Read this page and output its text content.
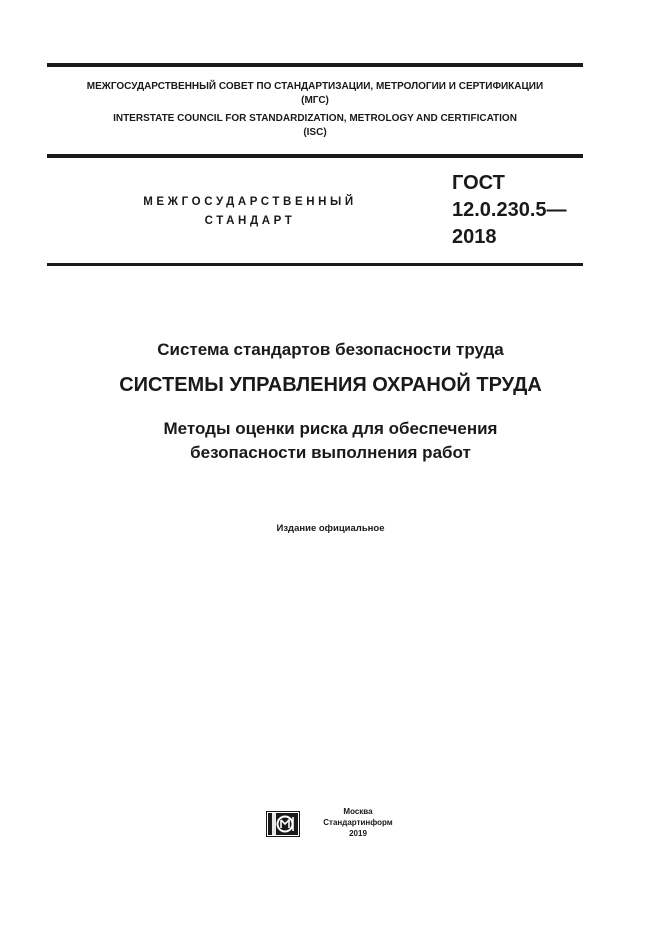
МЕЖГОСУДАРСТВЕННЫЙ СОВЕТ ПО СТАНДАРТИЗАЦИИ, МЕТРОЛОГИИ И СЕРТИФИКАЦИИ
(МГС)
INTERSTATE COUNCIL FOR STANDARDIZATION, METROLOGY AND CERTIFICATION
(ISC)
МЕЖГОСУДАРСТВЕННЫЙ
СТАНДАРТ
ГОСТ
12.0.230.5—
2018
Система стандартов безопасности труда
СИСТЕМЫ УПРАВЛЕНИЯ ОХРАНОЙ ТРУДА
Методы оценки риска для обеспечения
безопасности выполнения работ
Издание официальное
Москва
Стандартинформ
2019
